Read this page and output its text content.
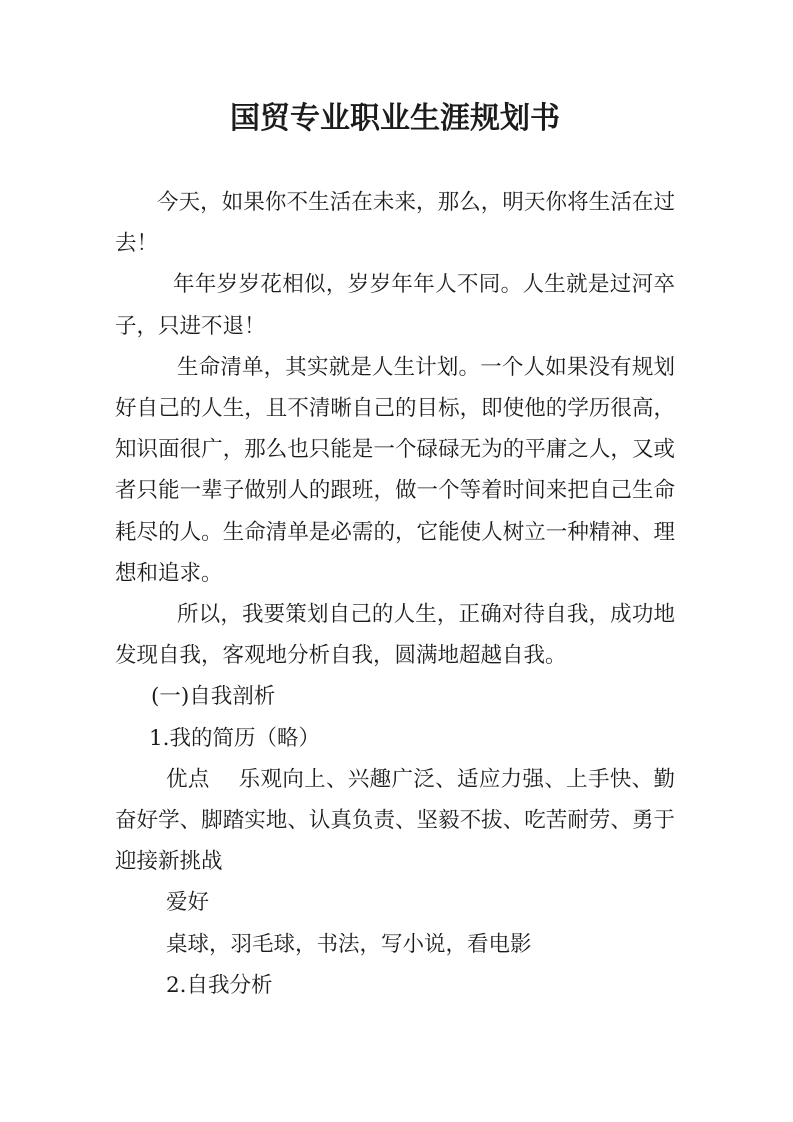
国贸专业职业生涯规划书

今天，如果你不生活在未来，那么，明天你将生活在过去！

年年岁岁花相似，岁岁年年人不同。人生就是过河卒子，只进不退！

生命清单，其实就是人生计划。一个人如果没有规划好自己的人生，且不清晰自己的目标，即使他的学历很高，知识面很广，那么也只能是一个碌碌无为的平庸之人，又或者只能一辈子做别人的跟班，做一个等着时间来把自己生命耗尽的人。生命清单是必需的，它能使人树立一种精神、理想和追求。

所以，我要策划自己的人生，正确对待自我，成功地发现自我，客观地分析自我，圆满地超越自我。

(一)自我剖析

1.我的简历（略）

优点　 乐观向上、兴趣广泛、适应力强、上手快、勤奋好学、脚踏实地、认真负责、坚毅不拔、吃苦耐劳、勇于迎接新挑战

爱好

桌球，羽毛球，书法，写小说，看电影

2.自我分析
